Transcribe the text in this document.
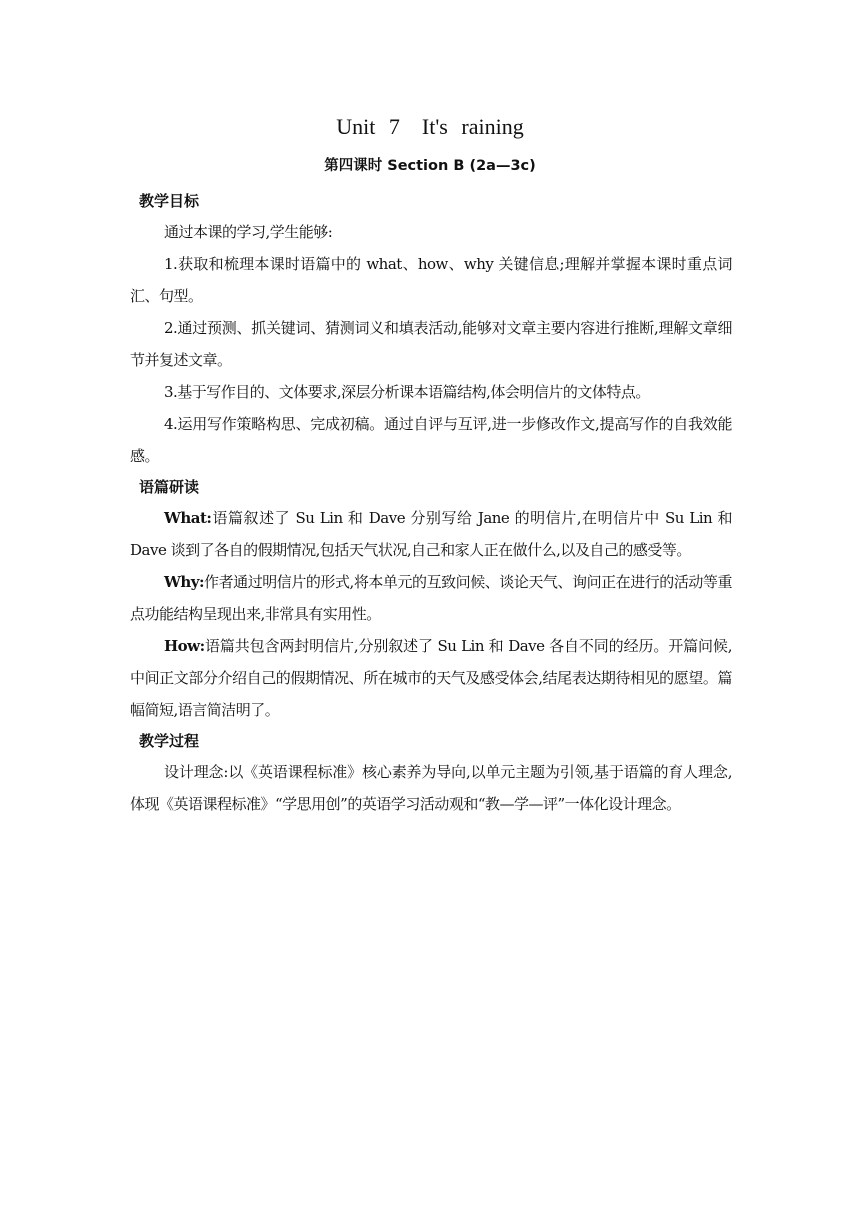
Unit 7　It's raining
第四课时 Section B (2a—3c)
教学目标

通过本课的学习,学生能够:

1.获取和梳理本课时语篇中的 what、how、why 关键信息;理解并掌握本课时重点词汇、句型。

2.通过预测、抓关键词、猜测词义和填表活动,能够对文章主要内容进行推断,理解文章细节并复述文章。

3.基于写作目的、文体要求,深层分析课本语篇结构,体会明信片的文体特点。

4.运用写作策略构思、完成初稿。通过自评与互评,进一步修改作文,提高写作的自我效能感。

语篇研读

What:语篇叙述了 Su Lin 和 Dave 分别写给 Jane 的明信片,在明信片中 Su Lin 和 Dave 谈到了各自的假期情况,包括天气状况,自己和家人正在做什么,以及自己的感受等。

Why:作者通过明信片的形式,将本单元的互致问候、谈论天气、询问正在进行的活动等重点功能结构呈现出来,非常具有实用性。

How:语篇共包含两封明信片,分别叙述了 Su Lin 和 Dave 各自不同的经历。开篇问候,中间正文部分介绍自己的假期情况、所在城市的天气及感受体会,结尾表达期待相见的愿望。篇幅简短,语言简洁明了。

教学过程

设计理念:以《英语课程标准》核心素养为导向,以单元主题为引领,基于语篇的育人理念,体现《英语课程标准》“学思用创”的英语学习活动观和“教—学—评”一体化设计理念。
